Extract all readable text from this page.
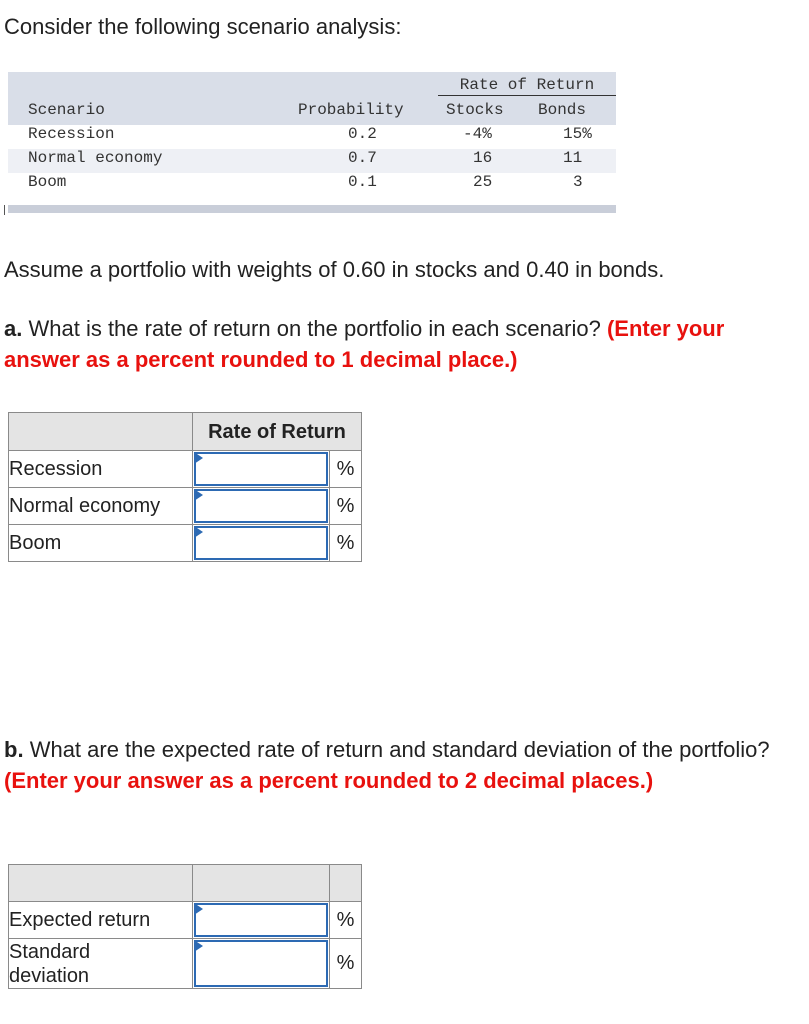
Consider the following scenario analysis:
Rate of Return
Scenario	Probability	Stocks Bonds
Recession	0.2	-4%	15%
Normal economy	0.7	16	11
Boom	0.1	25	3

Assume a portfolio with weights of 0.60 in stocks and 0.40 in bonds.

a. What is the rate of return on the portfolio in each scenario? (Enter your answer as a percent rounded to 1 decimal place.)

	Rate of Return	
Recession		%
Normal economy		%
Boom		%

b. What are the expected rate of return and standard deviation of the portfolio? (Enter your answer as a percent rounded to 2 decimal places.)

Expected return		%

Standard
deviation		%
